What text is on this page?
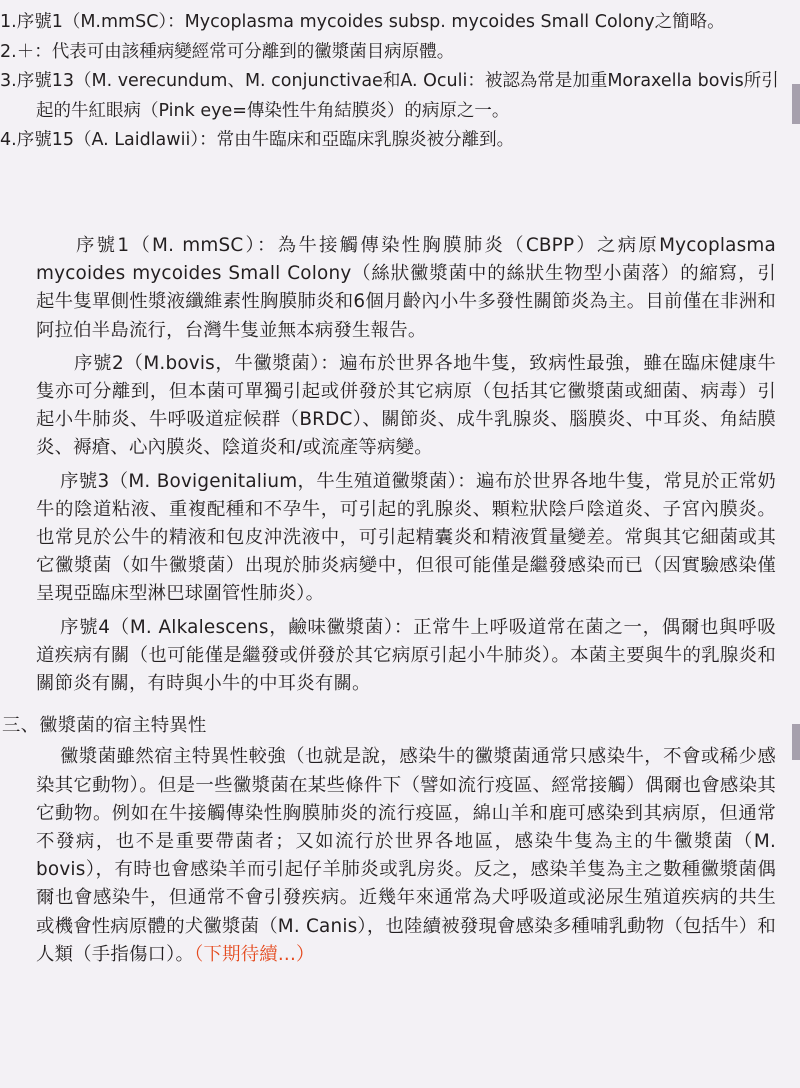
1.序號1（M.mmSC）：Mycoplasma mycoides subsp. mycoides Small Colony之簡略。

2.＋：代表可由該種病變經常可分離到的黴漿菌目病原體。

3.序號13（M. verecundum、M. conjunctivae和A. Oculi：被認為常是加重Moraxella bovis所引起的牛紅眼病（Pink eye=傳染性牛角結膜炎）的病原之一。

4.序號15（A. Laidlawii）：常由牛臨床和亞臨床乳腺炎被分離到。

序號1（M. mmSC）：為牛接觸傳染性胸膜肺炎（CBPP）之病原Mycoplasma mycoides mycoides Small Colony（絲狀黴漿菌中的絲狀生物型小菌落）的縮寫，引起牛隻單側性漿液纖維素性胸膜肺炎和6個月齡內小牛多發性關節炎為主。目前僅在非洲和阿拉伯半島流行，台灣牛隻並無本病發生報告。

序號2（M.bovis，牛黴漿菌）：遍布於世界各地牛隻，致病性最強，雖在臨床健康牛隻亦可分離到，但本菌可單獨引起或併發於其它病原（包括其它黴漿菌或細菌、病毒）引起小牛肺炎、牛呼吸道症候群（BRDC）、關節炎、成牛乳腺炎、腦膜炎、中耳炎、角結膜炎、褥瘡、心內膜炎、陰道炎和/或流產等病變。

序號3（M. Bovigenitalium，牛生殖道黴漿菌）：遍布於世界各地牛隻，常見於正常奶牛的陰道粘液、重複配種和不孕牛，可引起的乳腺炎、顆粒狀陰戶陰道炎、子宮內膜炎。也常見於公牛的精液和包皮沖洗液中，可引起精囊炎和精液質量變差。常與其它細菌或其它黴漿菌（如牛黴漿菌）出現於肺炎病變中，但很可能僅是繼發感染而已（因實驗感染僅呈現亞臨床型淋巴球圍管性肺炎）。

序號4（M. Alkalescens，鹼味黴漿菌）：正常牛上呼吸道常在菌之一，偶爾也與呼吸道疾病有關（也可能僅是繼發或併發於其它病原引起小牛肺炎）。本菌主要與牛的乳腺炎和關節炎有關，有時與小牛的中耳炎有關。

三、黴漿菌的宿主特異性

黴漿菌雖然宿主特異性較強（也就是說，感染牛的黴漿菌通常只感染牛，不會或稀少感染其它動物）。但是一些黴漿菌在某些條件下（譬如流行疫區、經常接觸）偶爾也會感染其它動物。例如在牛接觸傳染性胸膜肺炎的流行疫區，綿山羊和鹿可感染到其病原，但通常不發病，也不是重要帶菌者；又如流行於世界各地區，感染牛隻為主的牛黴漿菌（M. bovis），有時也會感染羊而引起仔羊肺炎或乳房炎。反之，感染羊隻為主之數種黴漿菌偶爾也會感染牛，但通常不會引發疾病。近幾年來通常為犬呼吸道或泌尿生殖道疾病的共生或機會性病原體的犬黴漿菌（M. Canis），也陸續被發現會感染多種哺乳動物（包括牛）和人類（手指傷口）。（下期待續...）
